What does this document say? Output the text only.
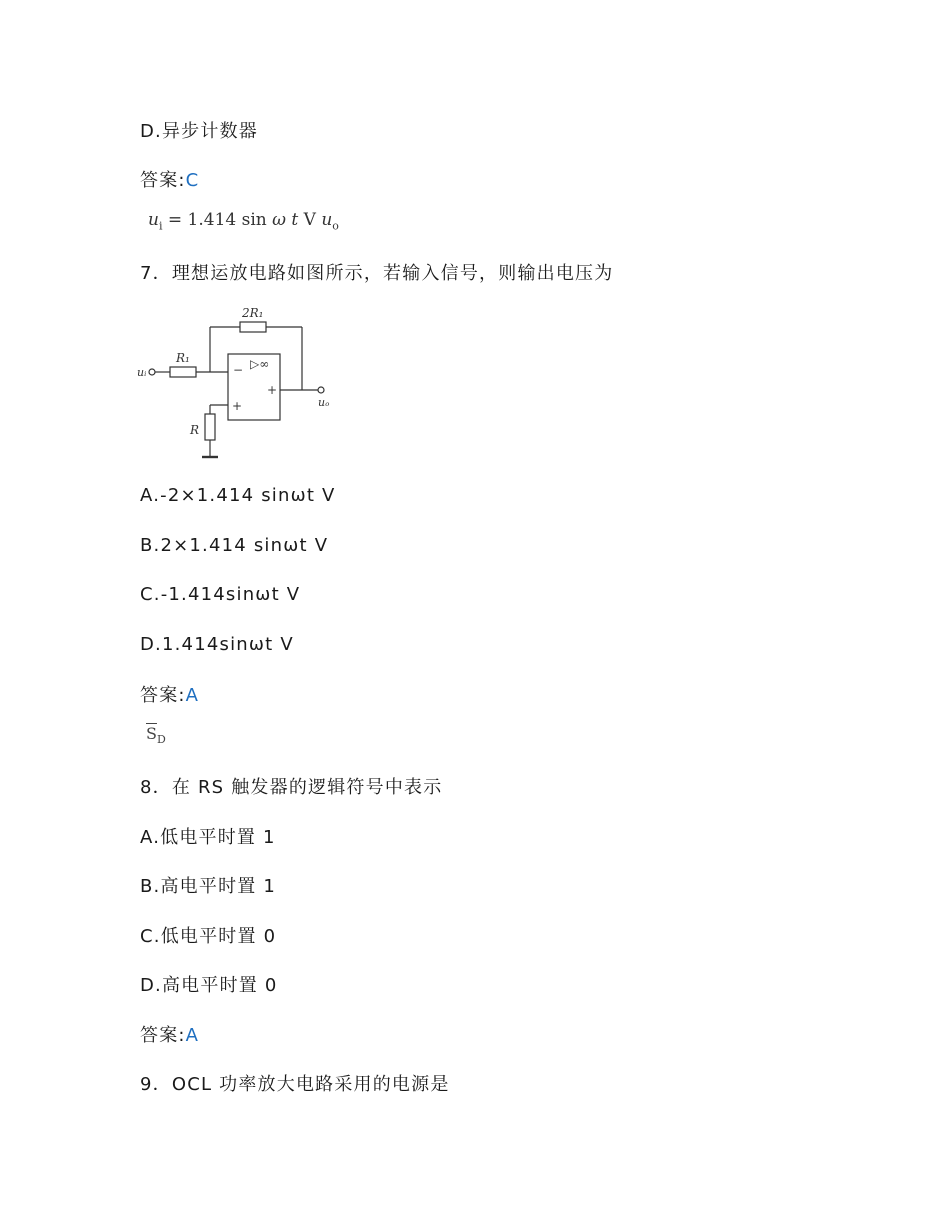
D.异步计数器
答案:C
$u_i = 1.414$ sin ω t V $u_o$
7．理想运放电路如图所示，若输入信号，则输出电压为
2R₁
R₁
R
uᵢ
uₒ
▷∞
−
+
+
A.-2×1.414 sinωt V
B.2×1.414 sinωt V
C.-1.414sinωt V
D.1.414sinωt V
答案:A
$\overline{S}_D$
8．在 RS 触发器的逻辑符号中表示
A.低电平时置 1
B.高电平时置 1
C.低电平时置 0
D.高电平时置 0
答案:A
9．OCL 功率放大电路采用的电源是
